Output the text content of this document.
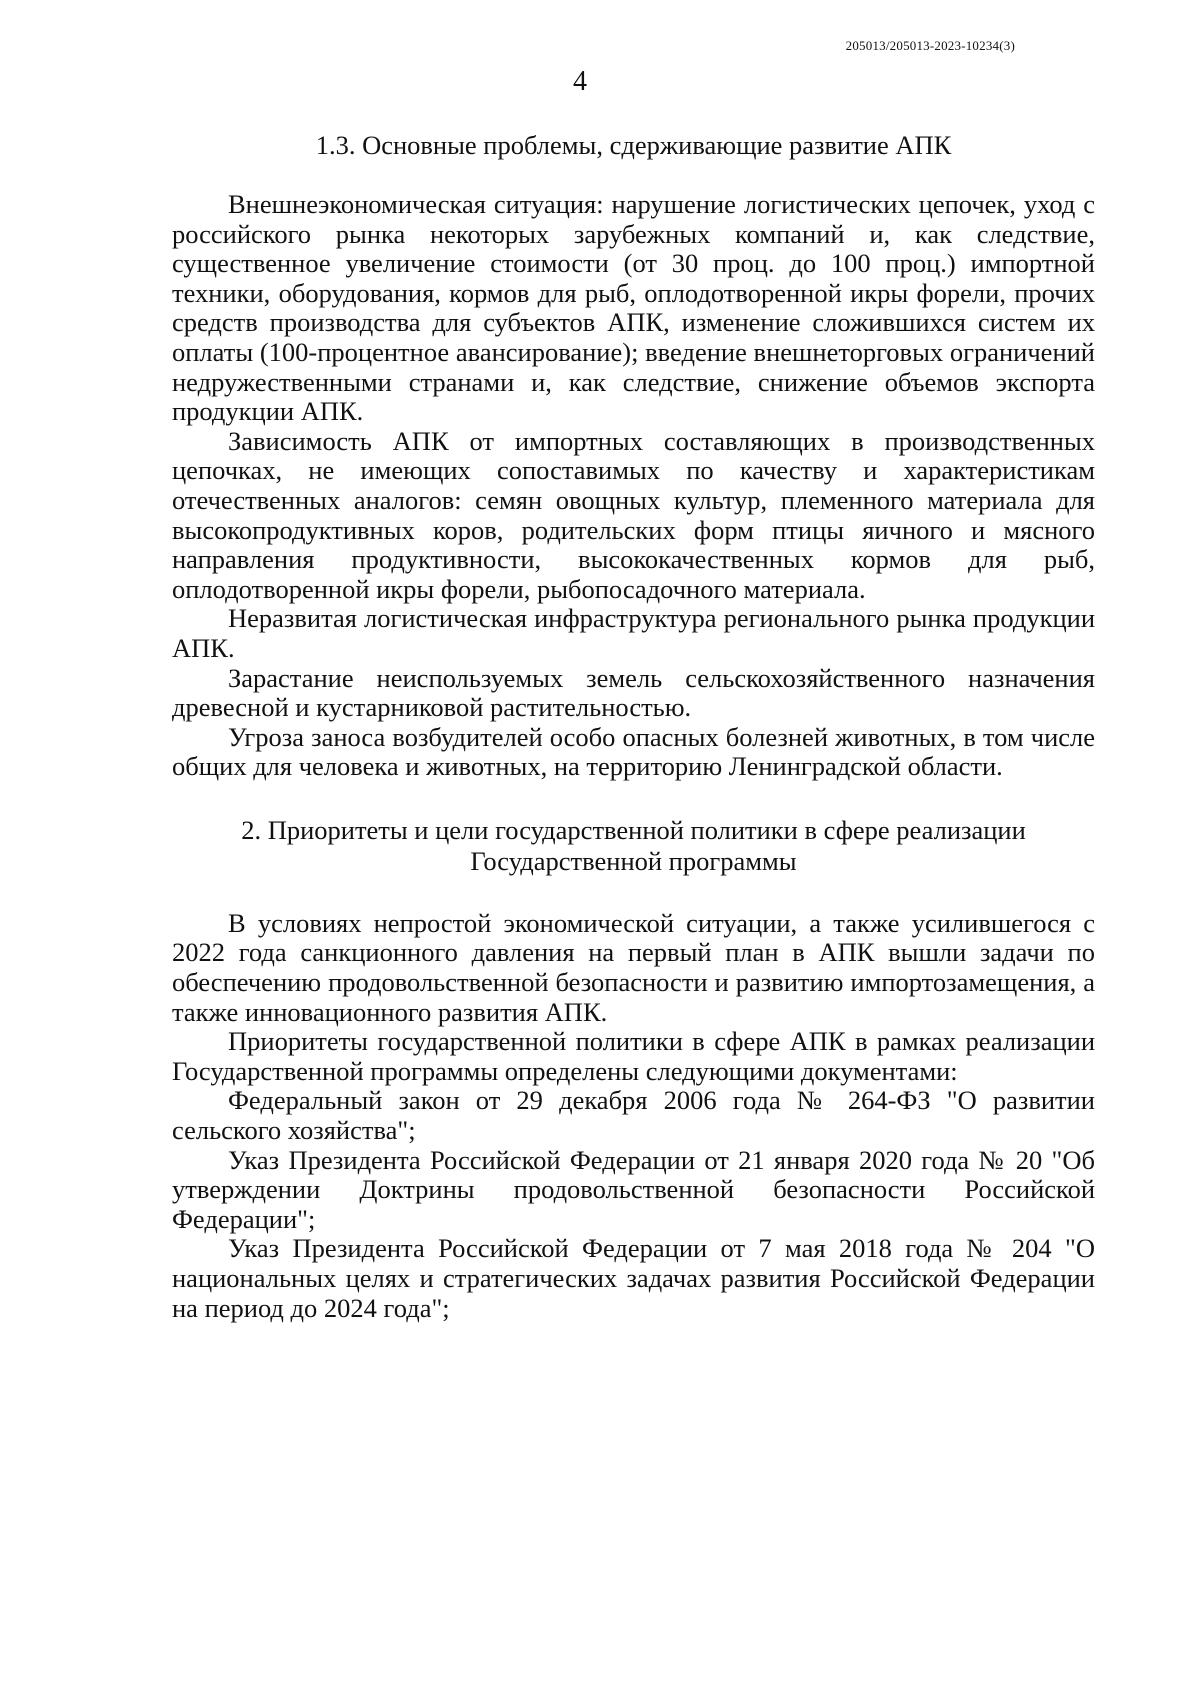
205013/205013-2023-10234(3)
4
1.3. Основные проблемы, сдерживающие развитие АПК

Внешнеэкономическая ситуация: нарушение логистических цепочек, уход с российского рынка некоторых зарубежных компаний и, как следствие, существенное увеличение стоимости (от 30 проц. до 100 проц.) импортной техники, оборудования, кормов для рыб, оплодотворенной икры форели, прочих средств производства для субъектов АПК, изменение сложившихся систем их оплаты (100-процентное авансирование); введение внешнеторговых ограничений недружественными странами и, как следствие, снижение объемов экспорта продукции АПК.

Зависимость АПК от импортных составляющих в производственных цепочках, не имеющих сопоставимых по качеству и характеристикам отечественных аналогов: семян овощных культур, племенного материала для высокопродуктивных коров, родительских форм птицы яичного и мясного направления продуктивности, высококачественных кормов для рыб, оплодотворенной икры форели, рыбопосадочного материала.

Неразвитая логистическая инфраструктура регионального рынка продукции АПК.

Зарастание неиспользуемых земель сельскохозяйственного назначения древесной и кустарниковой растительностью.

Угроза заноса возбудителей особо опасных болезней животных, в том числе общих для человека и животных, на территорию Ленинградской области.

2. Приоритеты и цели государственной политики в сфере реализации
Государственной программы

В условиях непростой экономической ситуации, а также усилившегося с 2022 года санкционного давления на первый план в АПК вышли задачи по обеспечению продовольственной безопасности и развитию импортозамещения, а также инновационного развития АПК.

Приоритеты государственной политики в сфере АПК в рамках реализации Государственной программы определены следующими документами:

Федеральный закон от 29 декабря 2006 года № 264-ФЗ "О развитии сельского хозяйства";

Указ Президента Российской Федерации от 21 января 2020 года № 20 "Об утверждении Доктрины продовольственной безопасности Российской Федерации";

Указ Президента Российской Федерации от 7 мая 2018 года № 204 "О национальных целях и стратегических задачах развития Российской Федерации на период до 2024 года";
